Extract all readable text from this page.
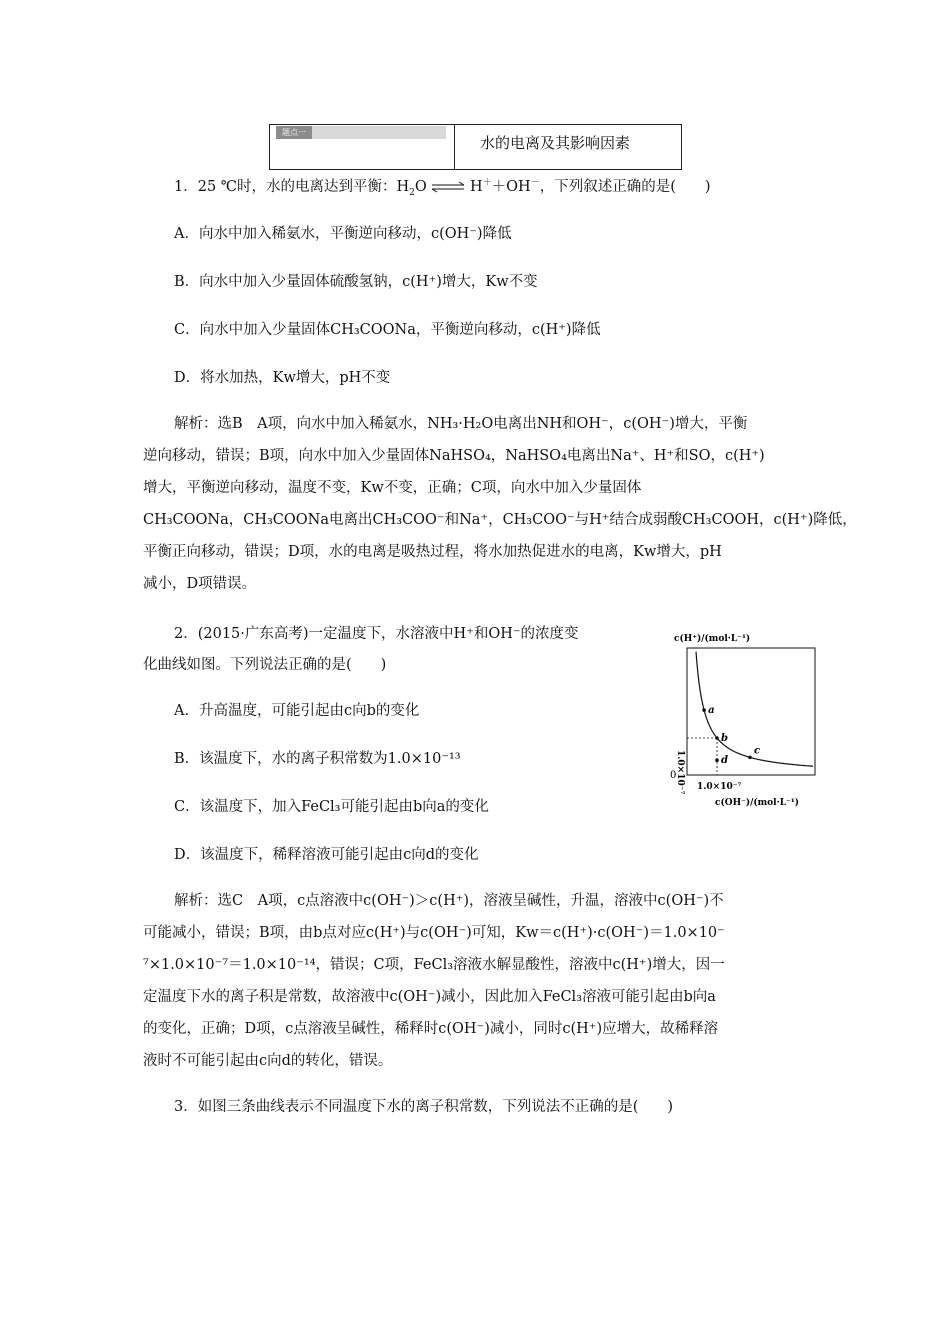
题点一
水的电离及其影响因素
1．25 ℃时，水的电离达到平衡：$H_2O$ ⇌ H＋＋OH－，下列叙述正确的是(　　)
A．向水中加入稀氨水，平衡逆向移动，c(OH⁻)降低
B．向水中加入少量固体硫酸氢钠，c(H⁺)增大，Kw不变
C．向水中加入少量固体CH₃COONa，平衡逆向移动，c(H⁺)降低
D．将水加热，Kw增大，pH不变
解析：选B　A项，向水中加入稀氨水，NH₃·H₂O电离出NH和OH⁻，c(OH⁻)增大，平衡
逆向移动，错误；B项，向水中加入少量固体NaHSO₄，NaHSO₄电离出Na⁺、H⁺和SO，c(H⁺)
增大，平衡逆向移动，温度不变，Kw不变，正确；C项，向水中加入少量固体
CH₃COONa，CH₃COONa电离出CH₃COO⁻和Na⁺，CH₃COO⁻与H⁺结合成弱酸CH₃COOH，c(H⁺)降低，
平衡正向移动，错误；D项，水的电离是吸热过程，将水加热促进水的电离，Kw增大，pH
减小，D项错误。
2．(2015·广东高考)一定温度下，水溶液中H⁺和OH⁻的浓度变
化曲线如图。下列说法正确的是(　　)
A．升高温度，可能引起由c向b的变化
B．该温度下，水的离子积常数为1.0×10⁻¹³
C．该温度下，加入FeCl₃可能引起由b向a的变化
D．该温度下，稀释溶液可能引起由c向d的变化
c(H⁺)/(mol·L⁻¹)
a
b
c
d
0
1.0×10⁻⁷
1.0×10⁻⁷
c(OH⁻)/(mol·L⁻¹)
解析：选C　A项，c点溶液中c(OH⁻)＞c(H⁺)，溶液呈碱性，升温，溶液中c(OH⁻)不
可能减小，错误；B项，由b点对应c(H⁺)与c(OH⁻)可知，Kw＝c(H⁺)·c(OH⁻)＝1.0×10⁻
⁷×1.0×10⁻⁷＝1.0×10⁻¹⁴，错误；C项，FeCl₃溶液水解显酸性，溶液中c(H⁺)增大，因一
定温度下水的离子积是常数，故溶液中c(OH⁻)减小，因此加入FeCl₃溶液可能引起由b向a
的变化，正确；D项，c点溶液呈碱性，稀释时c(OH⁻)减小，同时c(H⁺)应增大，故稀释溶
液时不可能引起由c向d的转化，错误。
3．如图三条曲线表示不同温度下水的离子积常数，下列说法不正确的是(　　)
